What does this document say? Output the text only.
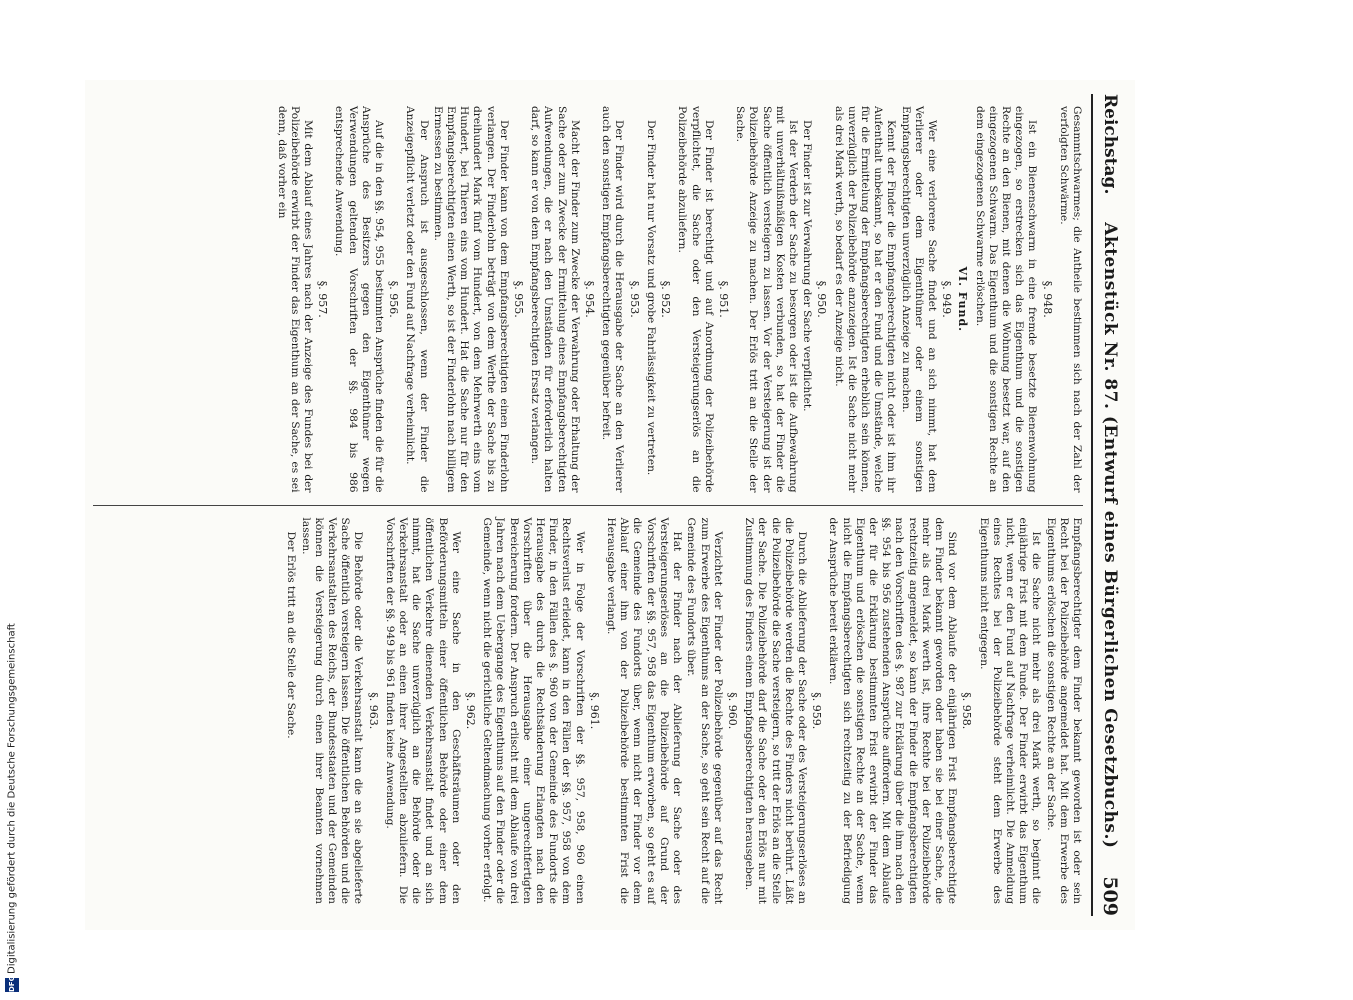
DFG
Digitalisierung gefördert durch die Deutsche Forschungsgemeinschaft
Reichstag.
Aktenstück Nr. 87. (Entwurf eines Bürgerlichen Gesetzbuchs.)
509

Gesammtschwarmes; die Antheile bestimmen sich nach der Zahl der verfolgten Schwärme.

§. 948.

Ist ein Bienenschwarm in eine fremde besetzte Bienenwohnung eingezogen, so erstrecken sich das Eigenthum und die sonstigen Rechte an den Bienen, mit denen die Wohnung besetzt war, auf den eingezogenen Schwarm. Das Eigenthum und die sonstigen Rechte an dem eingezogenen Schwarme erlöschen.

VI. Fund.
§. 949.

Wer eine verlorene Sache findet und an sich nimmt, hat dem Verlierer oder dem Eigenthümer oder einem sonstigen Empfangsberechtigten unverzüglich Anzeige zu machen.

Kennt der Finder die Empfangsberechtigten nicht oder ist ihm ihr Aufenthalt unbekannt, so hat er den Fund und die Umstände, welche für die Ermittelung der Empfangsberechtigten erheblich sein können, unverzüglich der Polizeibehörde anzuzeigen. Ist die Sache nicht mehr als drei Mark werth, so bedarf es der Anzeige nicht.

§. 950.

Der Finder ist zur Verwahrung der Sache verpflichtet.

Ist der Verderb der Sache zu besorgen oder ist die Aufbewahrung mit unverhältnißmäßigen Kosten verbunden, so hat der Finder die Sache öffentlich versteigern zu lassen. Vor der Versteigerung ist der Polizeibehörde Anzeige zu machen. Der Erlös tritt an die Stelle der Sache.

§. 951.

Der Finder ist berechtigt und auf Anordnung der Polizeibehörde verpflichtet, die Sache oder den Versteigerungserlös an die Polizeibehörde abzuliefern.

§. 952.

Der Finder hat nur Vorsatz und grobe Fahrlässigkeit zu vertreten.

§. 953.

Der Finder wird durch die Herausgabe der Sache an den Verlierer auch den sonstigen Empfangsberechtigten gegenüber befreit.

§. 954.

Macht der Finder zum Zwecke der Verwahrung oder Erhaltung der Sache oder zum Zwecke der Ermittelung eines Empfangsberechtigten Aufwendungen, die er nach den Umständen für erforderlich halten darf, so kann er von dem Empfangsberechtigten Ersatz verlangen.

§. 955.

Der Finder kann von dem Empfangsberechtigten einen Finderlohn verlangen. Der Finderlohn beträgt von dem Werthe der Sache bis zu dreihundert Mark fünf vom Hundert, von dem Mehrwerth eins vom Hundert, bei Thieren eins vom Hundert. Hat die Sache nur für den Empfangsberechtigten einen Werth, so ist der Finderlohn nach billigem Ermessen zu bestimmen.

Der Anspruch ist ausgeschlossen, wenn der Finder die Anzeigepflicht verletzt oder den Fund auf Nachfrage verheimlicht.

§. 956.

Auf die in den §§. 954, 955 bestimmten Ansprüche finden die für die Ansprüche des Besitzers gegen den Eigenthümer wegen Verwendungen geltenden Vorschriften der §§. 984 bis 986 entsprechende Anwendung.

§. 957.

Mit dem Ablauf eines Jahres nach der Anzeige des Fundes bei der Polizeibehörde erwirbt der Finder das Eigenthum an der Sache, es sei denn, daß vorher ein

Empfangsberechtigter dem Finder bekannt geworden ist oder sein Recht bei der Polizeibehörde angemeldet hat. Mit dem Erwerbe des Eigenthums erlöschen die sonstigen Rechte an der Sache.

Ist die Sache nicht mehr als drei Mark werth, so beginnt die einjährige Frist mit dem Funde. Der Finder erwirbt das Eigenthum nicht, wenn er den Fund auf Nachfrage verheimlicht. Die Anmeldung eines Rechtes bei der Polizeibehörde steht dem Erwerbe des Eigenthums nicht entgegen.

§. 958.

Sind vor dem Ablaufe der einjährigen Frist Empfangsberechtigte dem Finder bekannt geworden oder haben sie bei einer Sache, die mehr als drei Mark werth ist, ihre Rechte bei der Polizeibehörde rechtzeitig angemeldet, so kann der Finder die Empfangsberechtigten nach den Vorschriften des §. 987 zur Erklärung über die ihm nach den §§. 954 bis 956 zustehenden Ansprüche auffordern. Mit dem Ablaufe der für die Erklärung bestimmten Frist erwirbt der Finder das Eigenthum und erlöschen die sonstigen Rechte an der Sache, wenn nicht die Empfangsberechtigten sich rechtzeitig zu der Befriedigung der Ansprüche bereit erklären.

§. 959.

Durch die Ablieferung der Sache oder des Versteigerungserlöses an die Polizeibehörde werden die Rechte des Finders nicht berührt. Läßt die Polizeibehörde die Sache versteigern, so tritt der Erlös an die Stelle der Sache. Die Polizeibehörde darf die Sache oder den Erlös nur mit Zustimmung des Finders einem Empfangsberechtigten herausgeben.

§. 960.

Verzichtet der Finder der Polizeibehörde gegenüber auf das Recht zum Erwerbe des Eigenthums an der Sache, so geht sein Recht auf die Gemeinde des Fundorts über.

Hat der Finder nach der Ablieferung der Sache oder des Versteigerungserlöses an die Polizeibehörde auf Grund der Vorschriften der §§. 957, 958 das Eigenthum erworben, so geht es auf die Gemeinde des Fundorts über, wenn nicht der Finder vor dem Ablauf einer ihm von der Polizeibehörde bestimmten Frist die Herausgabe verlangt.

§. 961.

Wer in Folge der Vorschriften der §§. 957, 958, 960 einen Rechtsverlust erleidet, kann in den Fällen der §§. 957, 958 von dem Finder, in den Fällen des §. 960 von der Gemeinde des Fundorts die Herausgabe des durch die Rechtsänderung Erlangten nach den Vorschriften über die Herausgabe einer ungerechtfertigten Bereicherung fordern. Der Anspruch erlischt mit dem Ablaufe von drei Jahren nach dem Uebergange des Eigenthums auf den Finder oder die Gemeinde, wenn nicht die gerichtliche Geltendmachung vorher erfolgt.

§. 962.

Wer eine Sache in den Geschäftsräumen oder den Beförderungsmitteln einer öffentlichen Behörde oder einer dem öffentlichen Verkehre dienenden Verkehrsanstalt findet und an sich nimmt, hat die Sache unverzüglich an die Behörde oder die Verkehrsanstalt oder an einen ihrer Angestellten abzuliefern. Die Vorschriften der §§. 949 bis 961 finden keine Anwendung.

§. 963.

Die Behörde oder die Verkehrsanstalt kann die an sie abgelieferte Sache öffentlich versteigern lassen. Die öffentlichen Behörden und die Verkehrsanstalten des Reichs, der Bundesstaaten und der Gemeinden können die Versteigerung durch einen ihrer Beamten vornehmen lassen.

Der Erlös tritt an die Stelle der Sache.
